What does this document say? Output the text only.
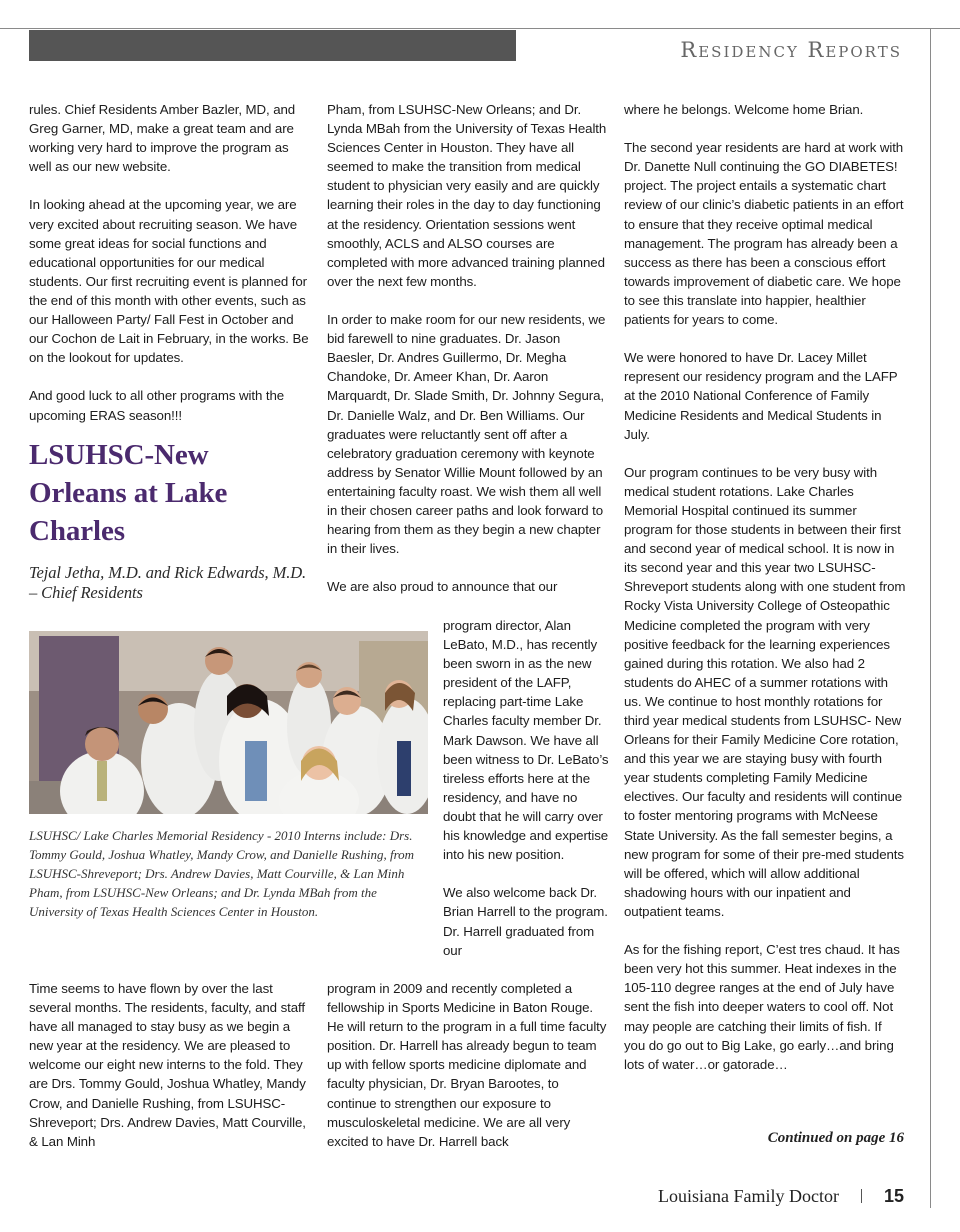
Residency Reports

rules. Chief Residents Amber Bazler, MD, and Greg Garner, MD, make a great team and are working very hard to improve the program as well as our new website.

In looking ahead at the upcoming year, we are very excited about recruiting season. We have some great ideas for social functions and educational opportunities for our medical students. Our first recruiting event is planned for the end of this month with other events, such as our Halloween Party/ Fall Fest in October and our Cochon de Lait in February, in the works. Be on the lookout for updates.

And good luck to all other programs with the upcoming ERAS season!!!

LSUHSC-New Orleans at Lake Charles
Tejal Jetha, M.D. and Rick Edwards, M.D. – Chief Residents
LSUHSC/ Lake Charles Memorial Residency - 2010 Interns include: Drs. Tommy Gould, Joshua Whatley, Mandy Crow, and Danielle Rushing, from LSUHSC-Shreveport; Drs. Andrew Davies, Matt Courville, & Lan Minh Pham, from LSUHSC-New Orleans; and Dr. Lynda MBah from the University of Texas Health Sciences Center in Houston.

Time seems to have flown by over the last several months. The residents, faculty, and staff have all managed to stay busy as we begin a new year at the residency. We are pleased to welcome our eight new interns to the fold. They are Drs. Tommy Gould, Joshua Whatley, Mandy Crow, and Danielle Rushing, from LSUHSC-Shreveport; Drs. Andrew Davies, Matt Courville, & Lan Minh

Pham, from LSUHSC-New Orleans; and Dr. Lynda MBah from the University of Texas Health Sciences Center in Houston. They have all seemed to make the transition from medical student to physician very easily and are quickly learning their roles in the day to day functioning at the residency. Orientation sessions went smoothly, ACLS and ALSO courses are completed with more advanced training planned over the next few months.

In order to make room for our new residents, we bid farewell to nine graduates. Dr. Jason Baesler, Dr. Andres Guillermo, Dr. Megha Chandoke, Dr. Ameer Khan, Dr. Aaron Marquardt, Dr. Slade Smith, Dr. Johnny Segura, Dr. Danielle Walz, and Dr. Ben Williams. Our graduates were reluctantly sent off after a celebratory graduation ceremony with keynote address by Senator Willie Mount followed by an entertaining faculty roast. We wish them all well in their chosen career paths and look forward to hearing from them as they begin a new chapter in their lives.

We are also proud to announce that our

program director, Alan LeBato, M.D., has recently been sworn in as the new president of the LAFP, replacing part-time Lake Charles faculty member Dr. Mark Dawson. We have all been witness to Dr. LeBato’s tireless efforts here at the residency, and have no doubt that he will carry over his knowledge and expertise into his new position.

We also welcome back Dr. Brian Harrell to the program. Dr. Harrell graduated from our

program in 2009 and recently completed a fellowship in Sports Medicine in Baton Rouge. He will return to the program in a full time faculty position. Dr. Harrell has already begun to team up with fellow sports medicine diplomate and faculty physician, Dr. Bryan Barootes, to continue to strengthen our exposure to musculoskeletal medicine. We are all very excited to have Dr. Harrell back

where he belongs. Welcome home Brian.

The second year residents are hard at work with Dr. Danette Null continuing the GO DIABETES! project. The project entails a systematic chart review of our clinic’s diabetic patients in an effort to ensure that they receive optimal medical management. The program has already been a success as there has been a conscious effort towards improvement of diabetic care. We hope to see this translate into happier, healthier patients for years to come.

We were honored to have Dr. Lacey Millet represent our residency program and the LAFP at the 2010 National Conference of Family Medicine Residents and Medical Students in July.

Our program continues to be very busy with medical student rotations. Lake Charles Memorial Hospital continued its summer program for those students in between their first and second year of medical school. It is now in its second year and this year two LSUHSC-Shreveport students along with one student from Rocky Vista University College of Osteopathic Medicine completed the program with very positive feedback for the learning experiences gained during this rotation. We also had 2 students do AHEC of a summer rotations with us. We continue to host monthly rotations for third year medical students from LSUHSC- New Orleans for their Family Medicine Core rotation, and this year we are staying busy with fourth year students completing Family Medicine electives. Our faculty and residents will continue to foster mentoring programs with McNeese State University. As the fall semester begins, a new program for some of their pre-med students will be offered, which will allow additional shadowing hours with our inpatient and outpatient teams.

As for the fishing report, C’est tres chaud. It has been very hot this summer. Heat indexes in the 105-110 degree ranges at the end of July have sent the fish into deeper waters to cool off. Not may people are catching their limits of fish. If you do go out to Big Lake, go early…and bring lots of water…or gatorade…

Continued on page 16
Louisiana Family Doctor	15
